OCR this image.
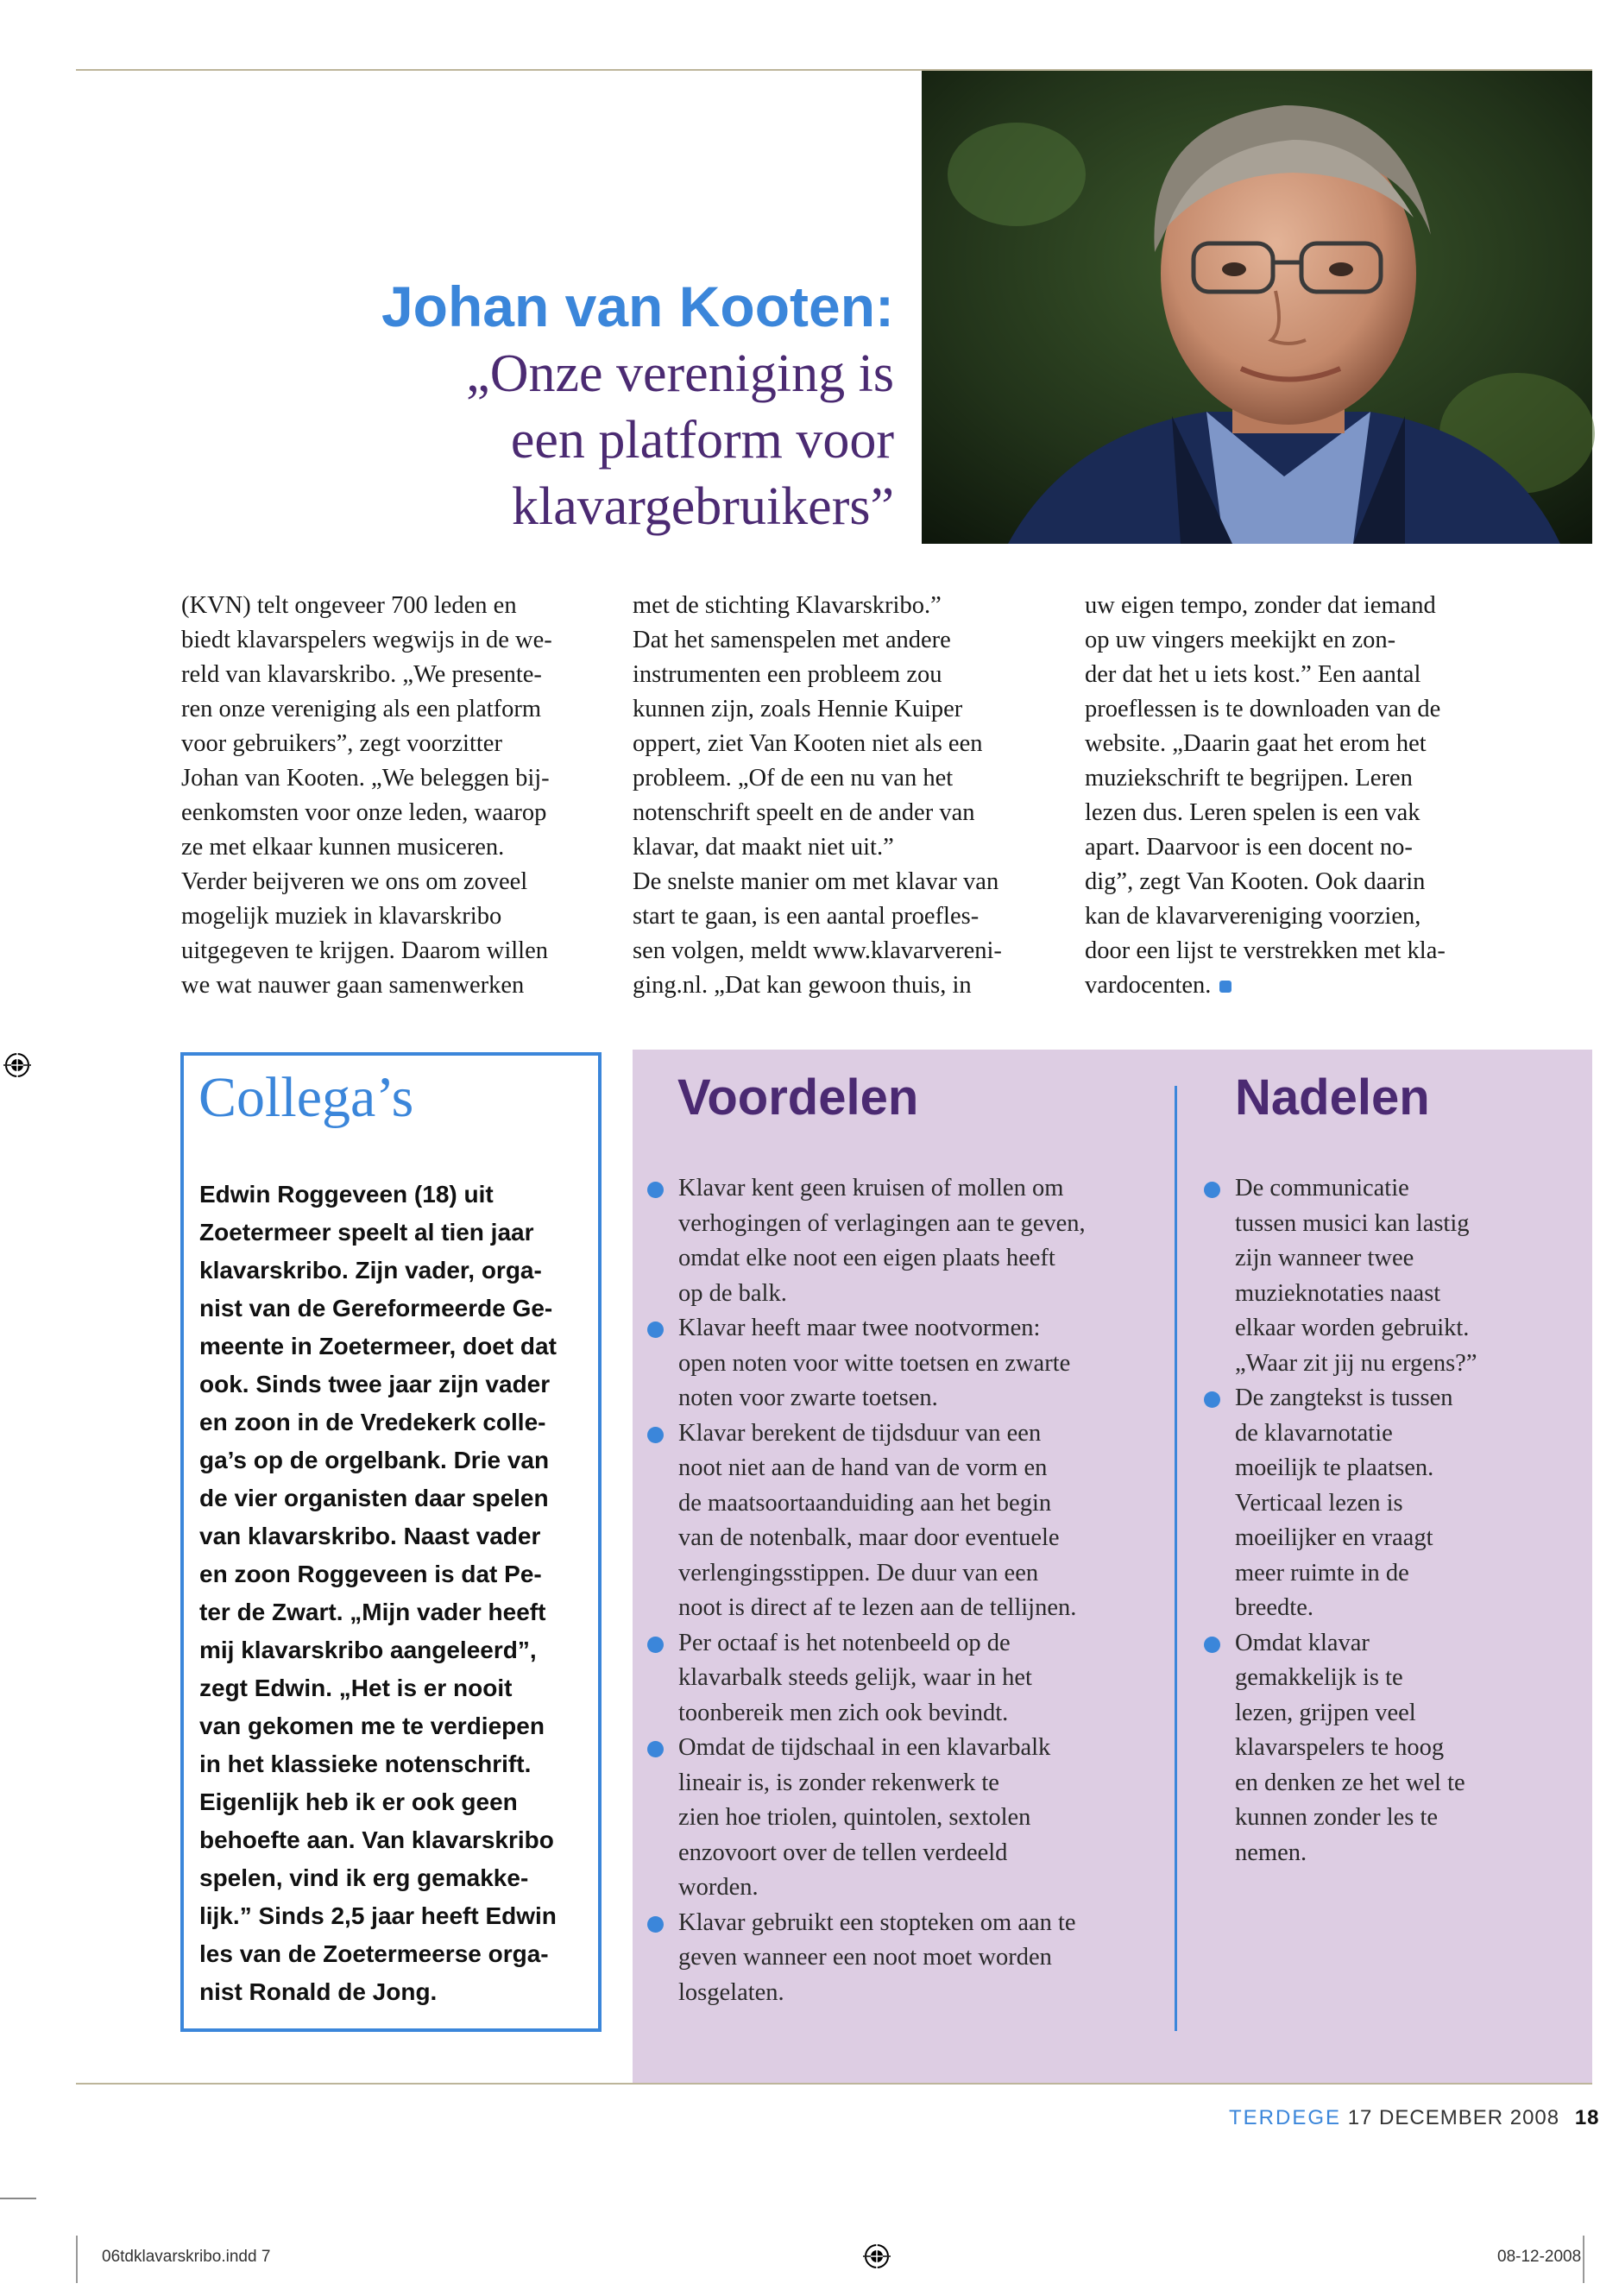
Johan van Kooten:
„Onze vereniging is
een platform voor
klavargebruikers”
(KVN) telt ongeveer 700 leden en
biedt klavarspelers wegwijs in de we-
reld van klavarskribo. „We presente-
ren onze vereniging als een platform
voor gebruikers”, zegt voorzitter
Johan van Kooten. „We beleggen bij-
eenkomsten voor onze leden, waarop
ze met elkaar kunnen musiceren.
Verder beijveren we ons om zoveel
mogelijk muziek in klavarskribo
uitgegeven te krijgen. Daarom willen
we wat nauwer gaan samenwerken
met de stichting Klavarskribo.”
Dat het samenspelen met andere
instrumenten een probleem zou
kunnen zijn, zoals Hennie Kuiper
oppert, ziet Van Kooten niet als een
probleem. „Of de een nu van het
notenschrift speelt en de ander van
klavar, dat maakt niet uit.”
De snelste manier om met klavar van
start te gaan, is een aantal proefles-
sen volgen, meldt www.klavarvereni-
ging.nl. „Dat kan gewoon thuis, in
uw eigen tempo, zonder dat iemand
op uw vingers meekijkt en zon-
der dat het u iets kost.” Een aantal
proeflessen is te downloaden van de
website. „Daarin gaat het erom het
muziekschrift te begrijpen. Leren
lezen dus. Leren spelen is een vak
apart. Daarvoor is een docent no-
dig”, zegt Van Kooten. Ook daarin
kan de klavarvereniging voorzien,
door een lijst te verstrekken met kla-
vardocenten.
Collega’s
Edwin Roggeveen (18) uit
Zoetermeer speelt al tien jaar
klavarskribo. Zijn vader, orga-
nist van de Gereformeerde Ge-
meente in Zoetermeer, doet dat
ook. Sinds twee jaar zijn vader
en zoon in de Vredekerk colle-
ga’s op de orgelbank. Drie van
de vier organisten daar spelen
van klavarskribo. Naast vader
en zoon Roggeveen is dat Pe-
ter de Zwart. „Mijn vader heeft
mij klavarskribo aangeleerd”,
zegt Edwin. „Het is er nooit
van gekomen me te verdiepen
in het klassieke notenschrift.
Eigenlijk heb ik er ook geen
behoefte aan. Van klavarskribo
spelen, vind ik erg gemakke-
lijk.” Sinds 2,5 jaar heeft Edwin
les van de Zoetermeerse orga-
nist Ronald de Jong.
Voordelen	Nadelen
Klavar kent geen kruisen of mollen om
verhogingen of verlagingen aan te geven,
omdat elke noot een eigen plaats heeft
op de balk.
Klavar heeft maar twee nootvormen:
open noten voor witte toetsen en zwarte
noten voor zwarte toetsen.
Klavar berekent de tijdsduur van een
noot niet aan de hand van de vorm en
de maatsoortaanduiding aan het begin
van de notenbalk, maar door eventuele
verlengingsstippen. De duur van een
noot is direct af te lezen aan de tellijnen.
Per octaaf is het notenbeeld op de
klavarbalk steeds gelijk, waar in het
toonbereik men zich ook bevindt.
Omdat de tijdschaal in een klavarbalk
lineair is, is zonder rekenwerk te
zien hoe triolen, quintolen, sextolen
enzovoort over de tellen verdeeld
worden.
Klavar gebruikt een stopteken om aan te
geven wanneer een noot moet worden
losgelaten.
De communicatie
tussen musici kan lastig
zijn wanneer twee
muzieknotaties naast
elkaar worden gebruikt.
„Waar zit jij nu ergens?”
De zangtekst is tussen
de klavarnotatie
moeilijk te plaatsen.
Verticaal lezen is
moeilijker en vraagt
meer ruimte in de
breedte.
Omdat klavar
gemakkelijk is te
lezen, grijpen veel
klavarspelers te hoog
en denken ze het wel te
kunnen zonder les te
nemen.
TERDEGE 17 DECEMBER 2008 18
06tdklavarskribo.indd 7	08-12-2008
